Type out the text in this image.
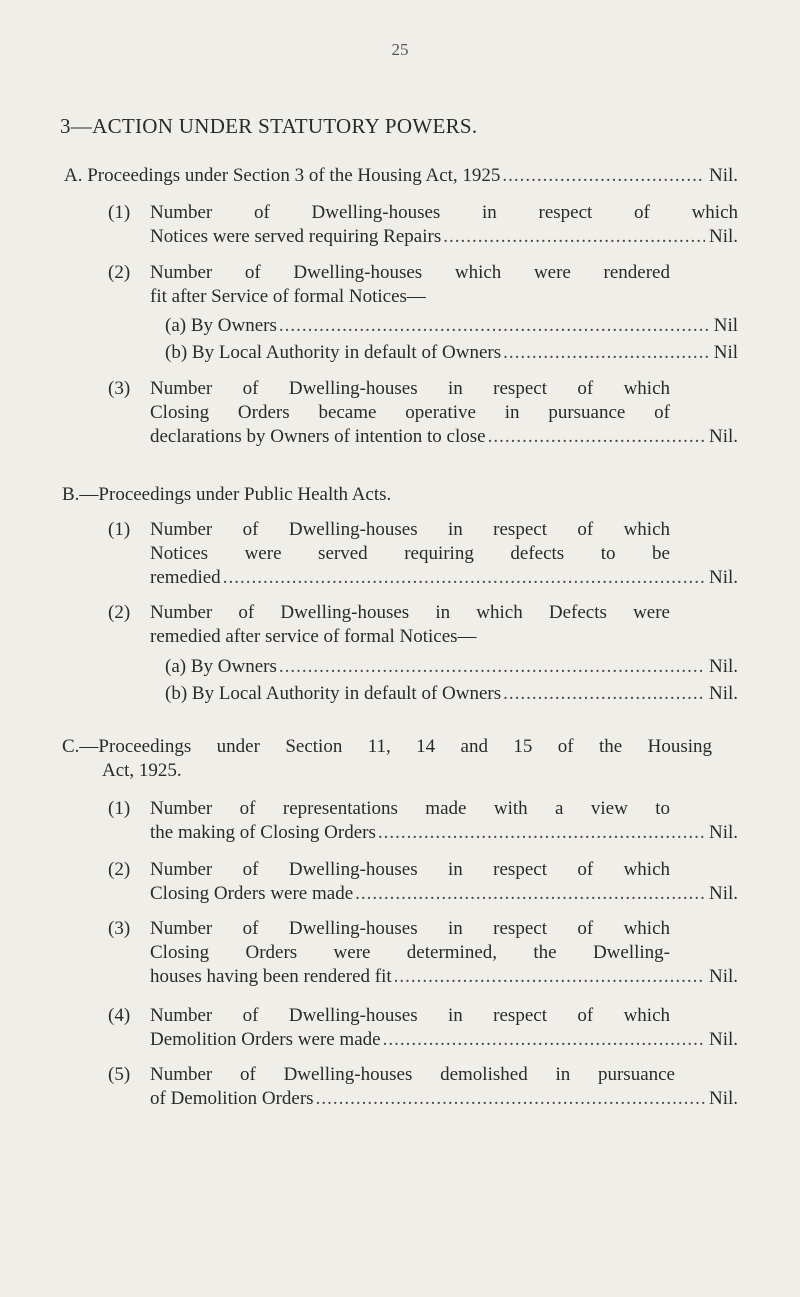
25
3—ACTION UNDER STATUTORY POWERS.
A. Proceedings under Section 3 of the Housing Act, 1925 .....	Nil.
(1) Number of Dwelling-houses in respect of which
Notices were served requiring Repairs .....	Nil.
(2) Number of Dwelling-houses which were rendered
fit after Service of formal Notices—
(a) By Owners .....	Nil
(b) By Local Authority in default of Owners .....	Nil
(3) Number of Dwelling-houses in respect of which
Closing Orders became operative in pursuance of
declarations by Owners of intention to close .....	Nil.
B.—Proceedings under Public Health Acts.
(1) Number of Dwelling-houses in respect of which
Notices were served requiring defects to be
remedied .....	Nil.
(2) Number of Dwelling-houses in which Defects were
remedied after service of formal Notices—
(a) By Owners .....	Nil.
(b) By Local Authority in default of Owners .....	Nil.
C.—Proceedings under Section 11, 14 and 15 of the Housing
Act, 1925.
(1) Number of representations made with a view to
the making of Closing Orders .....	Nil.
(2) Number of Dwelling-houses in respect of which
Closing Orders were made .....	Nil.
(3) Number of Dwelling-houses in respect of which
Closing Orders were determined, the Dwelling-
houses having been rendered fit .....	Nil.
(4) Number of Dwelling-houses in respect of which
Demolition Orders were made .....	Nil.
(5) Number of Dwelling-houses demolished in pursuance
of Demolition Orders .....	Nil.
